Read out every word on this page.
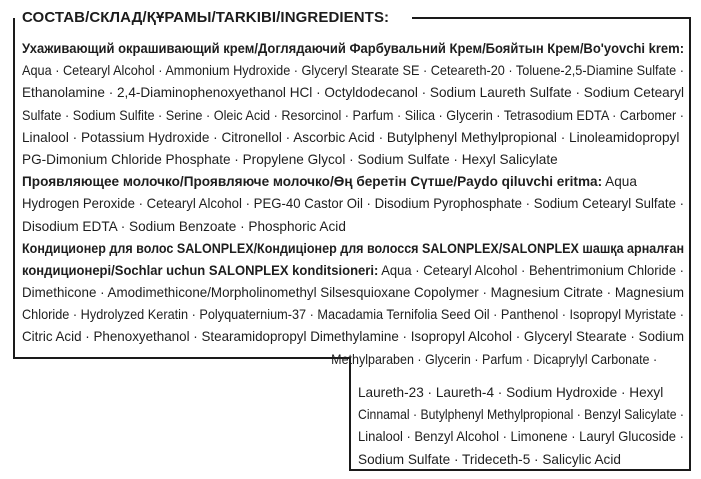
СОСТАВ/СКЛАД/ҚҰРАМЫ/TARKIBI/INGREDIENTS:
Ухаживающий окрашивающий крем/Доглядаючий Фарбувальний Крем/Бояйтын Крем/Bo'yovchi krem:
Aqua · Cetearyl Alcohol · Ammonium Hydroxide · Glyceryl Stearate SE · Ceteareth-20 · Toluene-2,5-Diamine Sulfate ·
Ethanolamine · 2,4-Diaminophenoxyethanol HCl · Octyldodecanol · Sodium Laureth Sulfate · Sodium Cetearyl
Sulfate · Sodium Sulfite · Serine · Oleic Acid · Resorcinol · Parfum · Silica · Glycerin · Tetrasodium EDTA · Carbomer ·
Linalool · Potassium Hydroxide · Citronellol · Ascorbic Acid · Butylphenyl Methylpropional · Linoleamidopropyl
PG-Dimonium Chloride Phosphate · Propylene Glycol · Sodium Sulfate · Hexyl Salicylate
Проявляющее молочко/Проявляюче молочко/Өң беретін Сүтше/Paydo qiluvchi eritma: Aqua
Hydrogen Peroxide · Cetearyl Alcohol · PEG-40 Castor Oil · Disodium Pyrophosphate · Sodium Cetearyl Sulfate ·
Disodium EDTA · Sodium Benzoate · Phosphoric Acid
Кондиционер для волос SALONPLEX/Кондиціонер для волосся SALONPLEX/SALONPLEX шашқа арналған
кондиционері/Sochlar uchun SALONPLEX konditsioneri: Aqua · Cetearyl Alcohol · Behentrimonium Chloride ·
Dimethicone · Amodimethicone/Morpholinomethyl Silsesquioxane Copolymer · Magnesium Citrate · Magnesium
Chloride · Hydrolyzed Keratin · Polyquaternium-37 · Macadamia Ternifolia Seed Oil · Panthenol · Isopropyl Myristate ·
Citric Acid · Phenoxyethanol · Stearamidopropyl Dimethylamine · Isopropyl Alcohol · Glyceryl Stearate · Sodium
Methylparaben · Glycerin · Parfum · Dicaprylyl Carbonate ·
Laureth-23 · Laureth-4 · Sodium Hydroxide · Hexyl
Cinnamal · Butylphenyl Methylpropional · Benzyl Salicylate ·
Linalool · Benzyl Alcohol · Limonene · Lauryl Glucoside ·
Sodium Sulfate · Trideceth-5 · Salicylic Acid
